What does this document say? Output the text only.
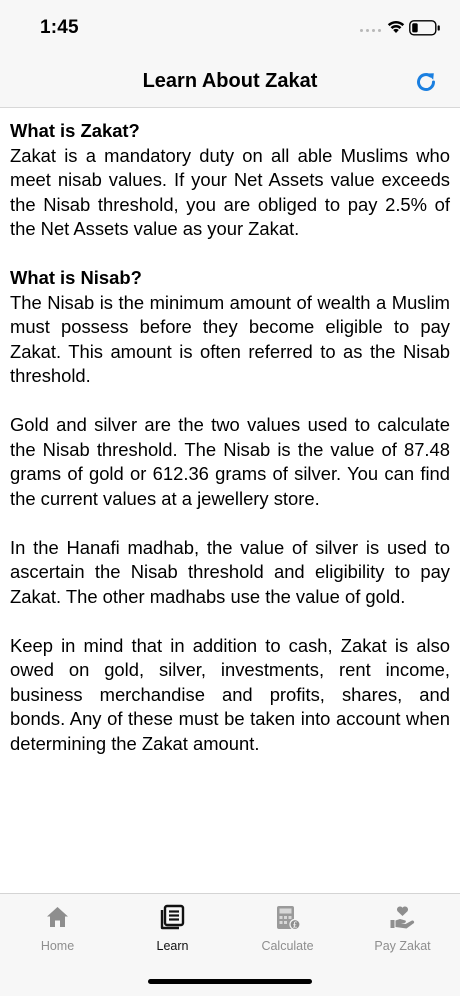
1:45
Learn About Zakat
What is Zakat?

Zakat is a mandatory duty on all able Muslims who meet nisab values. If your Net Assets value exceeds the Nisab threshold, you are obliged to pay 2.5% of the Net Assets value as your Zakat.

What is Nisab?

The Nisab is the minimum amount of wealth a Muslim must possess before they become eligible to pay Zakat. This amount is often referred to as the Nisab threshold.

Gold and silver are the two values used to calculate the Nisab threshold. The Nisab is the value of 87.48 grams of gold or 612.36 grams of silver. You can find the current values at a jewellery store.

In the Hanafi madhab, the value of silver is used to ascertain the Nisab threshold and eligibility to pay Zakat. The other madhabs use the value of gold.

Keep in mind that in addition to cash, Zakat is also owed on gold, silver, investments, rent income, business merchandise and profits, shares, and bonds. Any of these must be taken into account when determining the Zakat amount.

Home	Learn
£
Calculate	Pay Zakat
